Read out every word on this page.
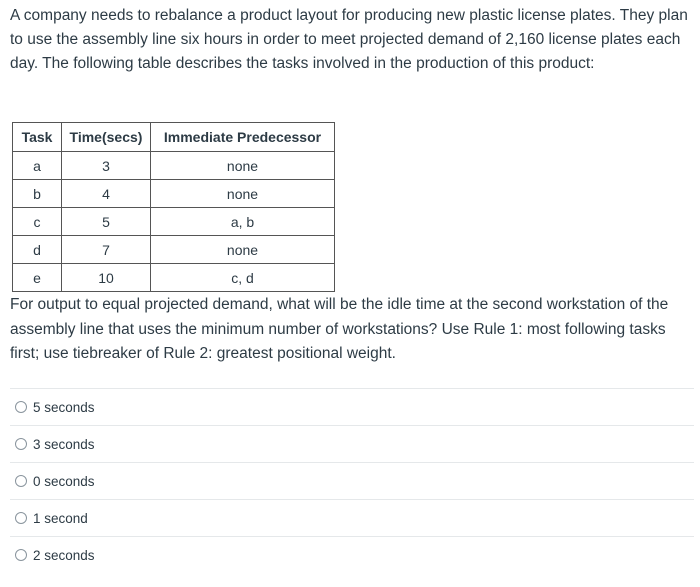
A company needs to rebalance a product layout for producing new plastic license plates. They plan to use the assembly line six hours in order to meet projected demand of 2,160 license plates each day. The following table describes the tasks involved in the production of this product:

Task	Time(secs)	Immediate Predecessor
a	3	none
b	4	none
c	5	a, b
d	7	none
e	10	c, d

For output to equal projected demand, what will be the idle time at the second workstation of the assembly line that uses the minimum number of workstations? Use Rule 1: most following tasks first; use tiebreaker of Rule 2: greatest positional weight.

5 seconds
3 seconds
0 seconds
1 second
2 seconds
